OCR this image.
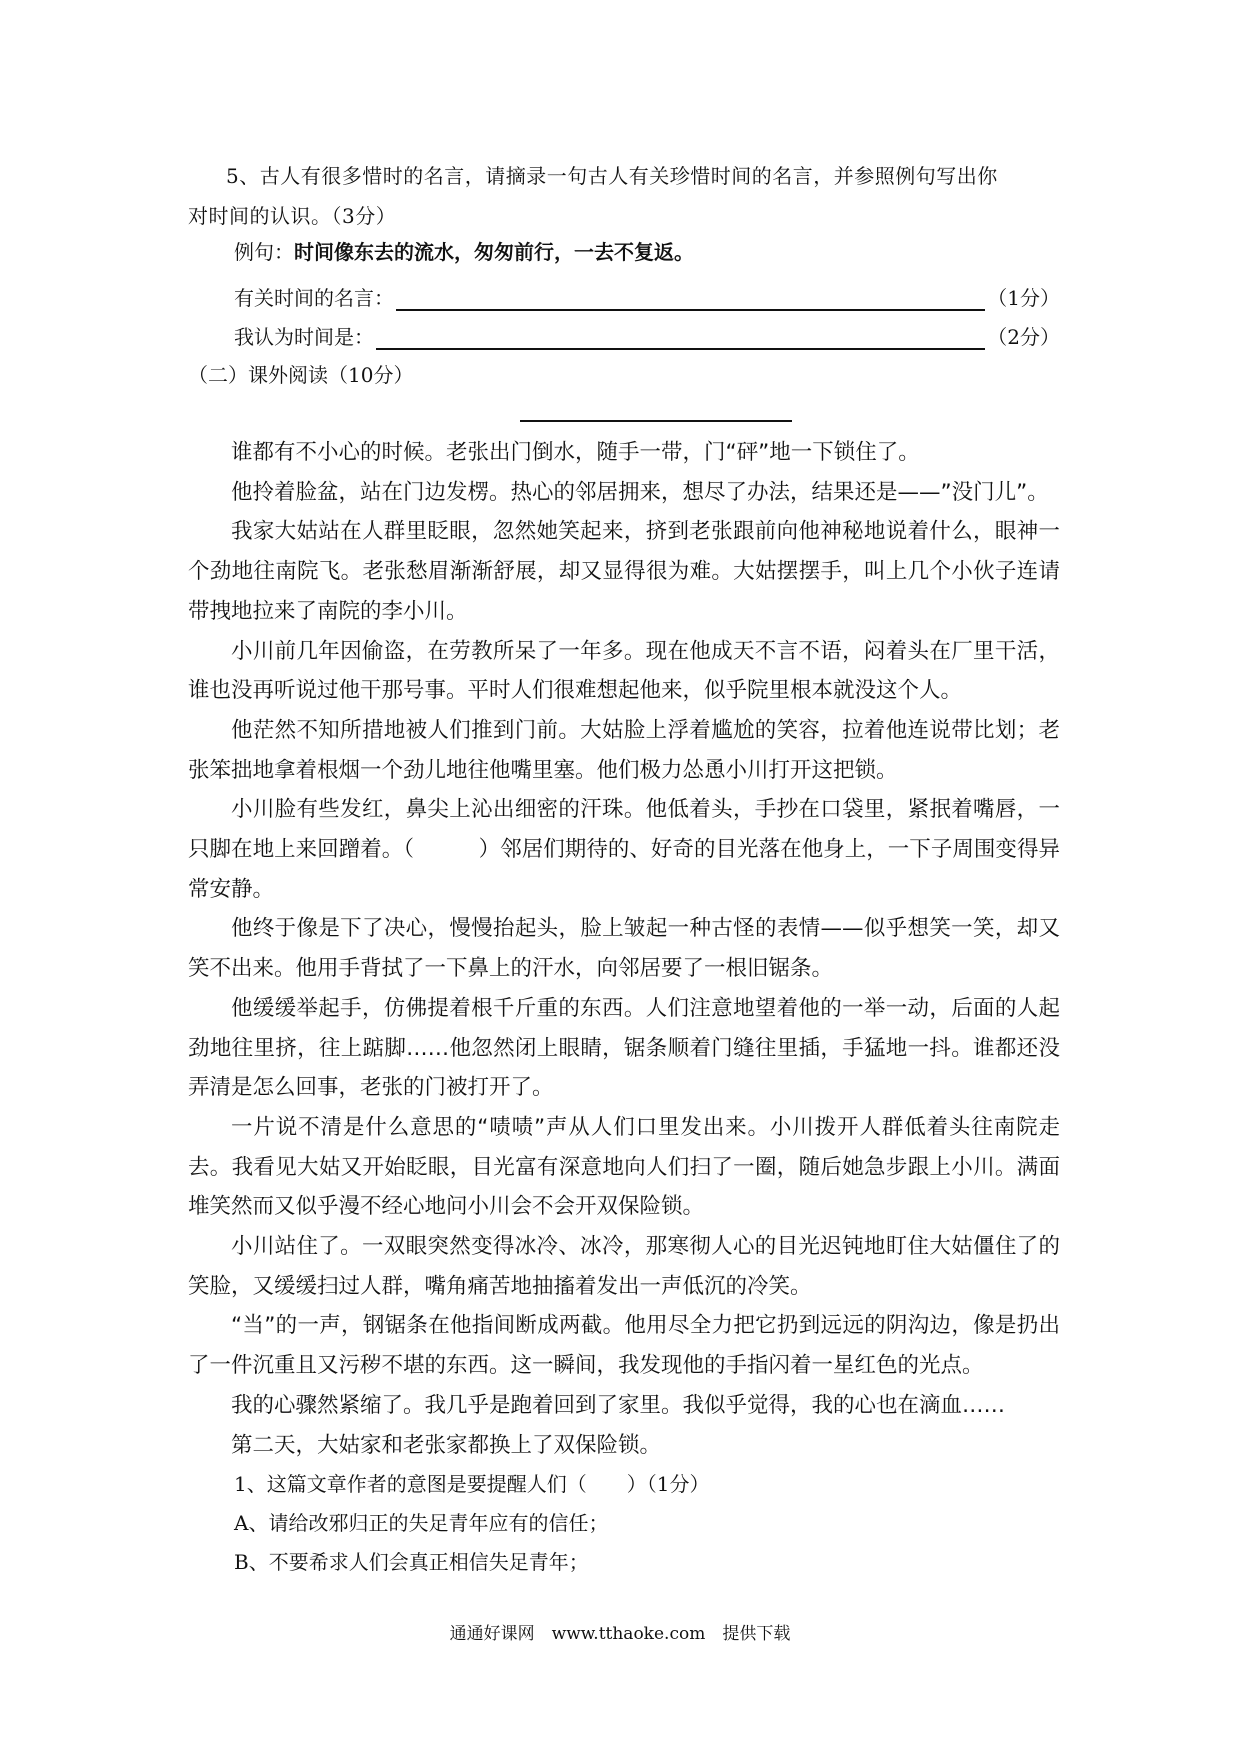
5、古人有很多惜时的名言，请摘录一句古人有关珍惜时间的名言，并参照例句写出你
对时间的认识。（3分）
例句：时间像东去的流水，匆匆前行，一去不复返。
有关时间的名言：	（1分）
我认为时间是：	（2分）
（二）课外阅读（10分）

谁都有不小心的时候。老张出门倒水，随手一带，门“砰”地一下锁住了。

他拎着脸盆，站在门边发楞。热心的邻居拥来，想尽了办法，结果还是——”没门儿”。

我家大姑站在人群里眨眼，忽然她笑起来，挤到老张跟前向他神秘地说着什么，眼神一个劲地往南院飞。老张愁眉渐渐舒展，却又显得很为难。大姑摆摆手，叫上几个小伙子连请带拽地拉来了南院的李小川。

小川前几年因偷盗，在劳教所呆了一年多。现在他成天不言不语，闷着头在厂里干活，谁也没再听说过他干那号事。平时人们很难想起他来，似乎院里根本就没这个人。

他茫然不知所措地被人们推到门前。大姑脸上浮着尴尬的笑容，拉着他连说带比划；老张笨拙地拿着根烟一个劲儿地往他嘴里塞。他们极力怂恿小川打开这把锁。

小川脸有些发红，鼻尖上沁出细密的汗珠。他低着头，手抄在口袋里，紧抿着嘴唇，一只脚在地上来回蹭着。（　　　）邻居们期待的、好奇的目光落在他身上，一下子周围变得异常安静。

他终于像是下了决心，慢慢抬起头，脸上皱起一种古怪的表情——似乎想笑一笑，却又笑不出来。他用手背拭了一下鼻上的汗水，向邻居要了一根旧锯条。

他缓缓举起手，仿佛提着根千斤重的东西。人们注意地望着他的一举一动，后面的人起劲地往里挤，往上踮脚……他忽然闭上眼睛，锯条顺着门缝往里插，手猛地一抖。谁都还没弄清是怎么回事，老张的门被打开了。

一片说不清是什么意思的“啧啧”声从人们口里发出来。小川拨开人群低着头往南院走去。我看见大姑又开始眨眼，目光富有深意地向人们扫了一圈，随后她急步跟上小川。满面堆笑然而又似乎漫不经心地问小川会不会开双保险锁。

小川站住了。一双眼突然变得冰冷、冰冷，那寒彻人心的目光迟钝地盯住大姑僵住了的笑脸，又缓缓扫过人群，嘴角痛苦地抽搐着发出一声低沉的冷笑。

“当”的一声，钢锯条在他指间断成两截。他用尽全力把它扔到远远的阴沟边，像是扔出了一件沉重且又污秽不堪的东西。这一瞬间，我发现他的手指闪着一星红色的光点。

我的心骤然紧缩了。我几乎是跑着回到了家里。我似乎觉得，我的心也在滴血……

第二天，大姑家和老张家都换上了双保险锁。

1、这篇文章作者的意图是要提醒人们（　　）（1分）

A、请给改邪归正的失足青年应有的信任；

B、不要希求人们会真正相信失足青年；

通通好课网　www.tthaoke.com　提供下载
